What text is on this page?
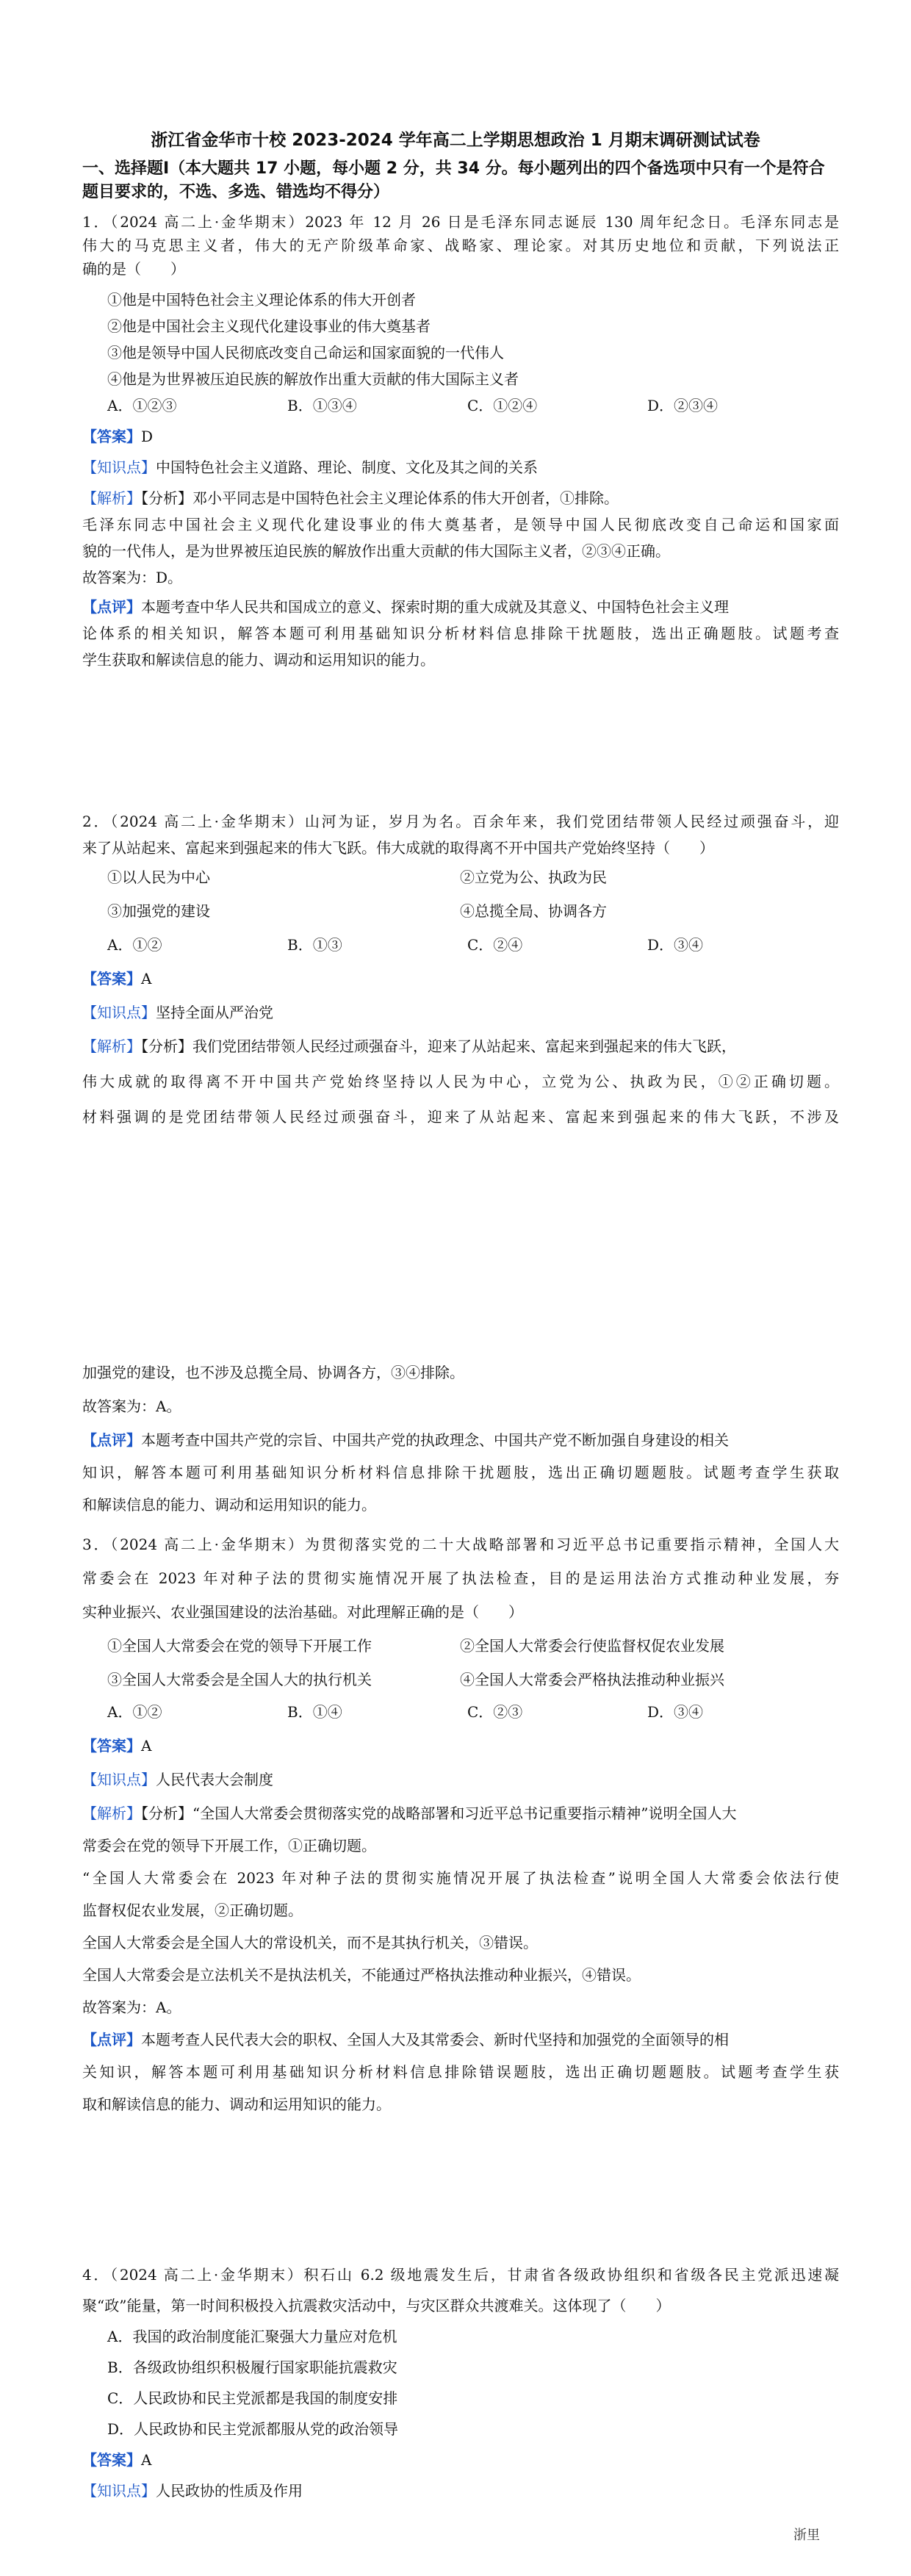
浙江省金华市十校 2023-2024 学年高二上学期思想政治 1 月期末调研测试试卷
一、选择题Ⅰ（本大题共 17 小题，每小题 2 分，共 34 分。每小题列出的四个备选项中只有一个是符合题目要求的，不选、多选、错选均不得分）
1．（2024 高二上·金华期末）2023 年 12 月 26 日是毛泽东同志诞辰 130 周年纪念日。毛泽东同志是
伟大的马克思主义者，伟大的无产阶级革命家、战略家、理论家。对其历史地位和贡献，下列说法正
确的是（　　）
①他是中国特色社会主义理论体系的伟大开创者
②他是中国社会主义现代化建设事业的伟大奠基者
③他是领导中国人民彻底改变自己命运和国家面貌的一代伟人
④他是为世界被压迫民族的解放作出重大贡献的伟大国际主义者
A．①②③	B．①③④	C．①②④	D．②③④
【答案】D
【知识点】中国特色社会主义道路、理论、制度、文化及其之间的关系
【解析】【分析】邓小平同志是中国特色社会主义理论体系的伟大开创者，①排除。
毛泽东同志中国社会主义现代化建设事业的伟大奠基者，是领导中国人民彻底改变自己命运和国家面
貌的一代伟人，是为世界被压迫民族的解放作出重大贡献的伟大国际主义者，②③④正确。
故答案为：D。
【点评】本题考查中华人民共和国成立的意义、探索时期的重大成就及其意义、中国特色社会主义理
论体系的相关知识，解答本题可利用基础知识分析材料信息排除干扰题肢，选出正确题肢。试题考查
学生获取和解读信息的能力、调动和运用知识的能力。
2．（2024 高二上·金华期末）山河为证，岁月为名。百余年来，我们党团结带领人民经过顽强奋斗，迎
来了从站起来、富起来到强起来的伟大飞跃。伟大成就的取得离不开中国共产党始终坚持（　　）
①以人民为中心	②立党为公、执政为民
③加强党的建设	④总揽全局、协调各方
A．①②	B．①③	C．②④	D．③④
【答案】A
【知识点】坚持全面从严治党
【解析】【分析】我们党团结带领人民经过顽强奋斗，迎来了从站起来、富起来到强起来的伟大飞跃，
伟大成就的取得离不开中国共产党始终坚持以人民为中心，立党为公、执政为民，①②正确切题。
材料强调的是党团结带领人民经过顽强奋斗，迎来了从站起来、富起来到强起来的伟大飞跃，不涉及
加强党的建设，也不涉及总揽全局、协调各方，③④排除。
故答案为：A。
【点评】本题考查中国共产党的宗旨、中国共产党的执政理念、中国共产党不断加强自身建设的相关
知识，解答本题可利用基础知识分析材料信息排除干扰题肢，选出正确切题题肢。试题考查学生获取
和解读信息的能力、调动和运用知识的能力。
3．（2024 高二上·金华期末）为贯彻落实党的二十大战略部署和习近平总书记重要指示精神，全国人大
常委会在 2023 年对种子法的贯彻实施情况开展了执法检查，目的是运用法治方式推动种业发展，夯
实种业振兴、农业强国建设的法治基础。对此理解正确的是（　　）
①全国人大常委会在党的领导下开展工作	②全国人大常委会行使监督权促农业发展
③全国人大常委会是全国人大的执行机关	④全国人大常委会严格执法推动种业振兴
A．①②	B．①④	C．②③	D．③④
【答案】A
【知识点】人民代表大会制度
【解析】【分析】“全国人大常委会贯彻落实党的战略部署和习近平总书记重要指示精神”说明全国人大
常委会在党的领导下开展工作，①正确切题。
“全国人大常委会在 2023 年对种子法的贯彻实施情况开展了执法检查”说明全国人大常委会依法行使
监督权促农业发展，②正确切题。
全国人大常委会是全国人大的常设机关，而不是其执行机关，③错误。
全国人大常委会是立法机关不是执法机关，不能通过严格执法推动种业振兴，④错误。
故答案为：A。
【点评】本题考查人民代表大会的职权、全国人大及其常委会、新时代坚持和加强党的全面领导的相
关知识，解答本题可利用基础知识分析材料信息排除错误题肢，选出正确切题题肢。试题考查学生获
取和解读信息的能力、调动和运用知识的能力。
4．（2024 高二上·金华期末）积石山 6.2 级地震发生后，甘肃省各级政协组织和省级各民主党派迅速凝
聚“政”能量，第一时间积极投入抗震救灾活动中，与灾区群众共渡难关。这体现了（　　）
A．我国的政治制度能汇聚强大力量应对危机
B．各级政协组织积极履行国家职能抗震救灾
C．人民政协和民主党派都是我国的制度安排
D．人民政协和民主党派都服从党的政治领导
【答案】A
【知识点】人民政协的性质及作用
浙里
